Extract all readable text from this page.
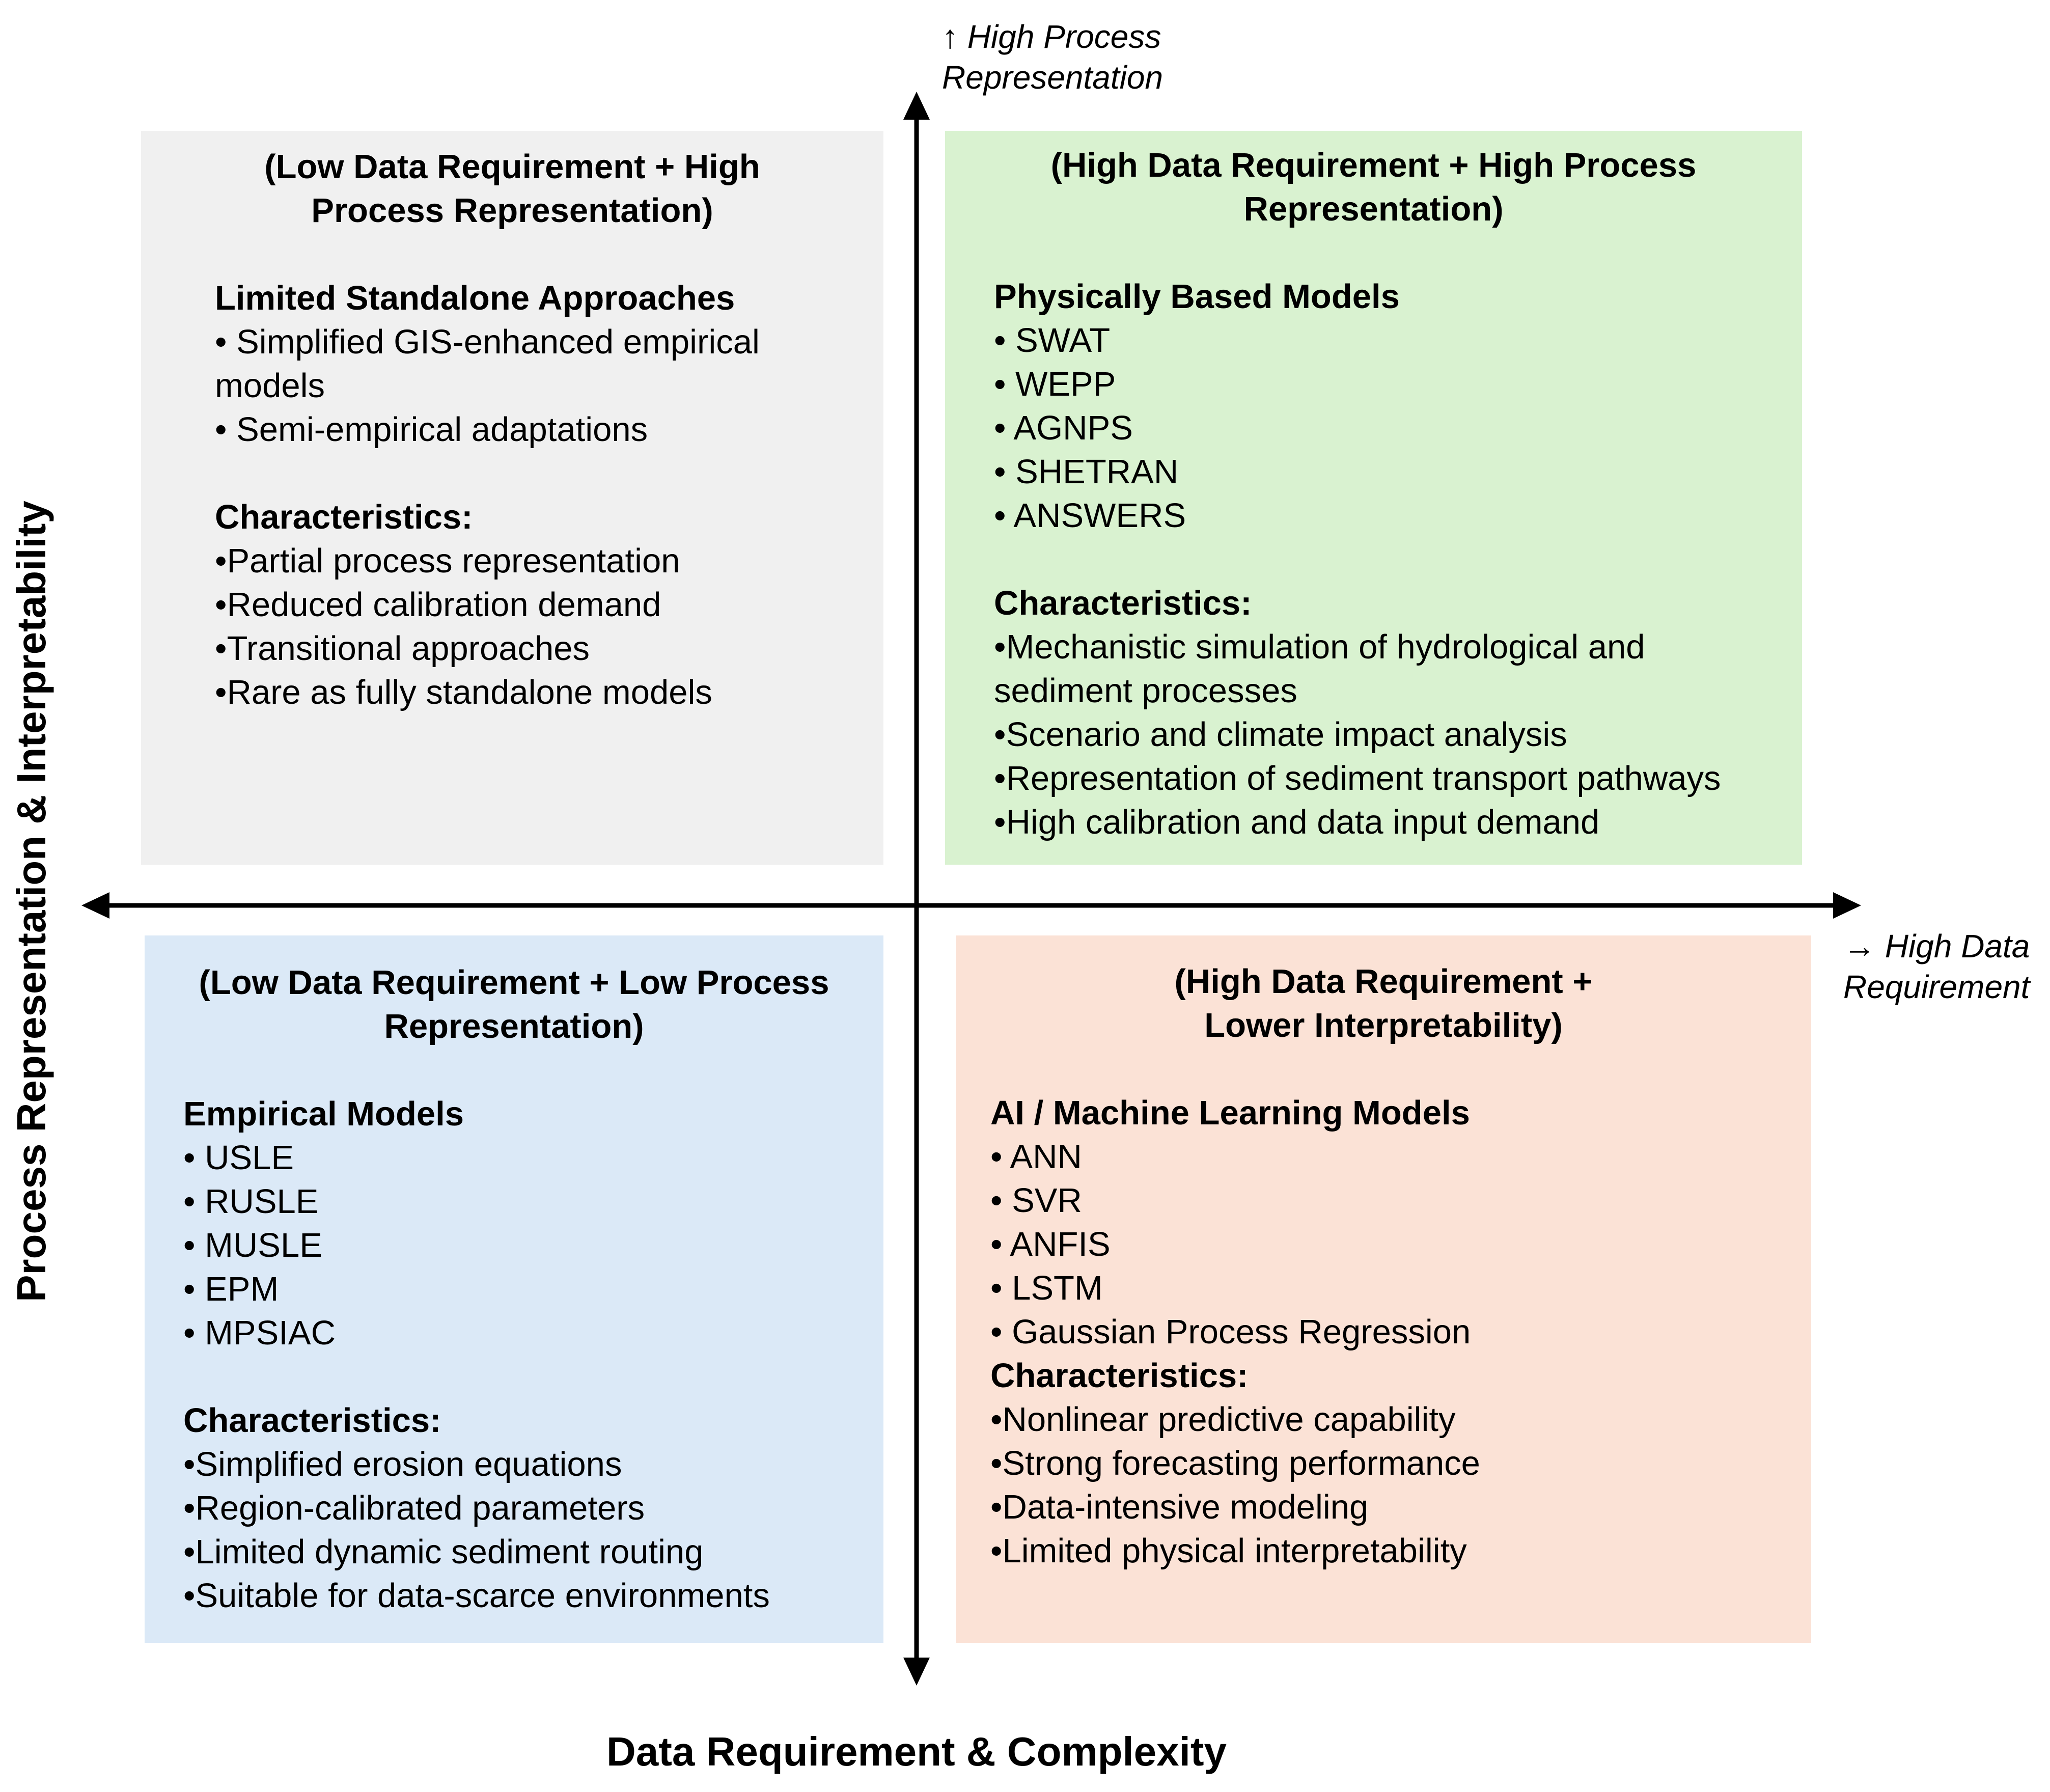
↑ High Process
Representation
→ High Data
Requirement
Data Requirement & Complexity
Process Representation & Interpretability
(Low Data Requirement + High
Process Representation)
Limited Standalone Approaches
• Simplified GIS-enhanced empirical
models
• Semi-empirical adaptations
Characteristics:
•Partial process representation
•Reduced calibration demand
•Transitional approaches
•Rare as fully standalone models
(High Data Requirement + High Process
Representation)
Physically Based Models
• SWAT
• WEPP
• AGNPS
• SHETRAN
• ANSWERS
Characteristics:
•Mechanistic simulation of hydrological and
sediment processes
•Scenario and climate impact analysis
•Representation of sediment transport pathways
•High calibration and data input demand
(Low Data Requirement + Low Process
Representation)
Empirical Models
• USLE
• RUSLE
• MUSLE
• EPM
• MPSIAC
Characteristics:
•Simplified erosion equations
•Region-calibrated parameters
•Limited dynamic sediment routing
•Suitable for data-scarce environments
(High Data Requirement +
Lower Interpretability)
AI / Machine Learning Models
• ANN
• SVR
• ANFIS
• LSTM
• Gaussian Process Regression
Characteristics:
•Nonlinear predictive capability
•Strong forecasting performance
•Data-intensive modeling
•Limited physical interpretability
